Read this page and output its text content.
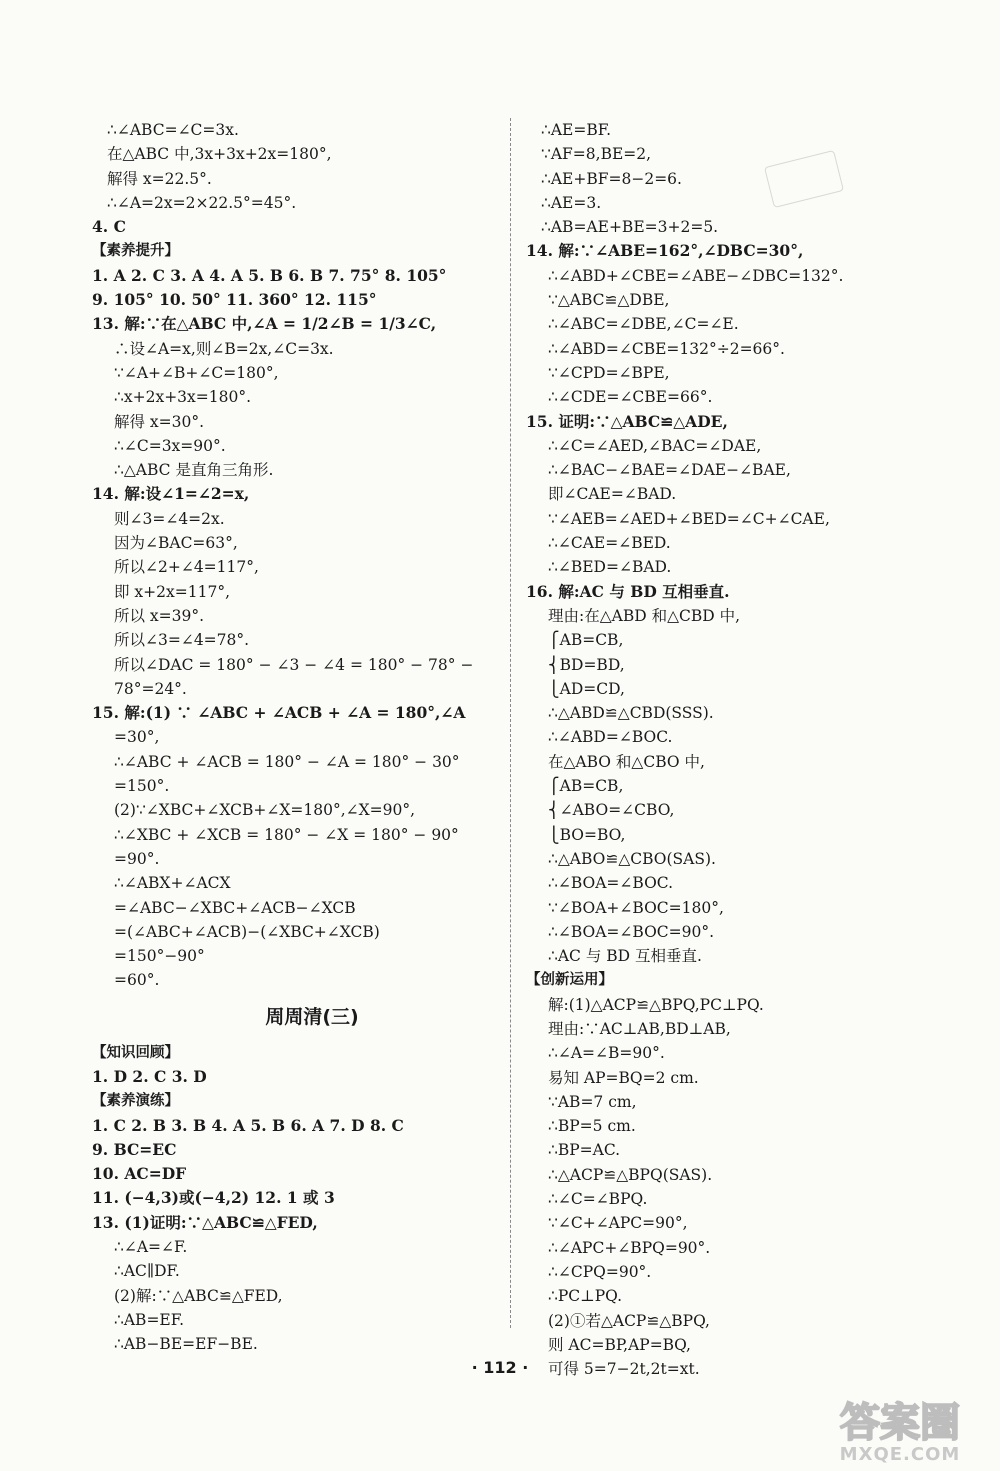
∴∠ABC=∠C=3x.
在△ABC 中,3x+3x+2x=180°,
解得 x=22.5°.
∴∠A=2x=2×22.5°=45°.
4. C
【素养提升】
1. A 2. C 3. A 4. A 5. B 6. B 7. 75° 8. 105°
9. 105° 10. 50° 11. 360° 12. 115°
13. 解:∵在△ABC 中,∠A = 1/2∠B = 1/3∠C,
∴设∠A=x,则∠B=2x,∠C=3x.
∵∠A+∠B+∠C=180°,
∴x+2x+3x=180°.
解得 x=30°.
∴∠C=3x=90°.
∴△ABC 是直角三角形.
14. 解:设∠1=∠2=x,
则∠3=∠4=2x.
因为∠BAC=63°,
所以∠2+∠4=117°,
即 x+2x=117°,
所以 x=39°.
所以∠3=∠4=78°.
所以∠DAC = 180° − ∠3 − ∠4 = 180° − 78° −
78°=24°.
15. 解:(1) ∵ ∠ABC + ∠ACB + ∠A = 180°,∠A
=30°,
∴∠ABC + ∠ACB = 180° − ∠A = 180° − 30°
=150°.
(2)∵∠XBC+∠XCB+∠X=180°,∠X=90°,
∴∠XBC + ∠XCB = 180° − ∠X = 180° − 90°
=90°.
∴∠ABX+∠ACX
=∠ABC−∠XBC+∠ACB−∠XCB
=(∠ABC+∠ACB)−(∠XBC+∠XCB)
=150°−90°
=60°.
周周清(三)
【知识回顾】
1. D 2. C 3. D
【素养演练】
1. C 2. B 3. B 4. A 5. B 6. A 7. D 8. C
9. BC=EC
10. AC=DF
11. (−4,3)或(−4,2) 12. 1 或 3
13. (1)证明:∵△ABC≌△FED,
∴∠A=∠F.
∴AC∥DF.
(2)解:∵△ABC≌△FED,
∴AB=EF.
∴AB−BE=EF−BE.
∴AE=BF.
∵AF=8,BE=2,
∴AE+BF=8−2=6.
∴AE=3.
∴AB=AE+BE=3+2=5.
14. 解:∵∠ABE=162°,∠DBC=30°,
∴∠ABD+∠CBE=∠ABE−∠DBC=132°.
∵△ABC≌△DBE,
∴∠ABC=∠DBE,∠C=∠E.
∴∠ABD=∠CBE=132°÷2=66°.
∵∠CPD=∠BPE,
∴∠CDE=∠CBE=66°.
15. 证明:∵△ABC≌△ADE,
∴∠C=∠AED,∠BAC=∠DAE,
∴∠BAC−∠BAE=∠DAE−∠BAE,
即∠CAE=∠BAD.
∵∠AEB=∠AED+∠BED=∠C+∠CAE,
∴∠CAE=∠BED.
∴∠BED=∠BAD.
16. 解:AC 与 BD 互相垂直.
理由:在△ABD 和△CBD 中,
⎧AB=CB,
⎨BD=BD,
⎩AD=CD,
∴△ABD≌△CBD(SSS).
∴∠ABD=∠BOC.
在△ABO 和△CBO 中,
⎧AB=CB,
⎨∠ABO=∠CBO,
⎩BO=BO,
∴△ABO≌△CBO(SAS).
∴∠BOA=∠BOC.
∵∠BOA+∠BOC=180°,
∴∠BOA=∠BOC=90°.
∴AC 与 BD 互相垂直.
【创新运用】
解:(1)△ACP≌△BPQ,PC⊥PQ.
理由:∵AC⊥AB,BD⊥AB,
∴∠A=∠B=90°.
易知 AP=BQ=2 cm.
∵AB=7 cm,
∴BP=5 cm.
∴BP=AC.
∴△ACP≌△BPQ(SAS).
∴∠C=∠BPQ.
∵∠C+∠APC=90°,
∴∠APC+∠BPQ=90°.
∴∠CPQ=90°.
∴PC⊥PQ.
(2)①若△ACP≌△BPQ,
则 AC=BP,AP=BQ,
可得 5=7−2t,2t=xt.
· 112 ·
答案圈
MXQE.COM
